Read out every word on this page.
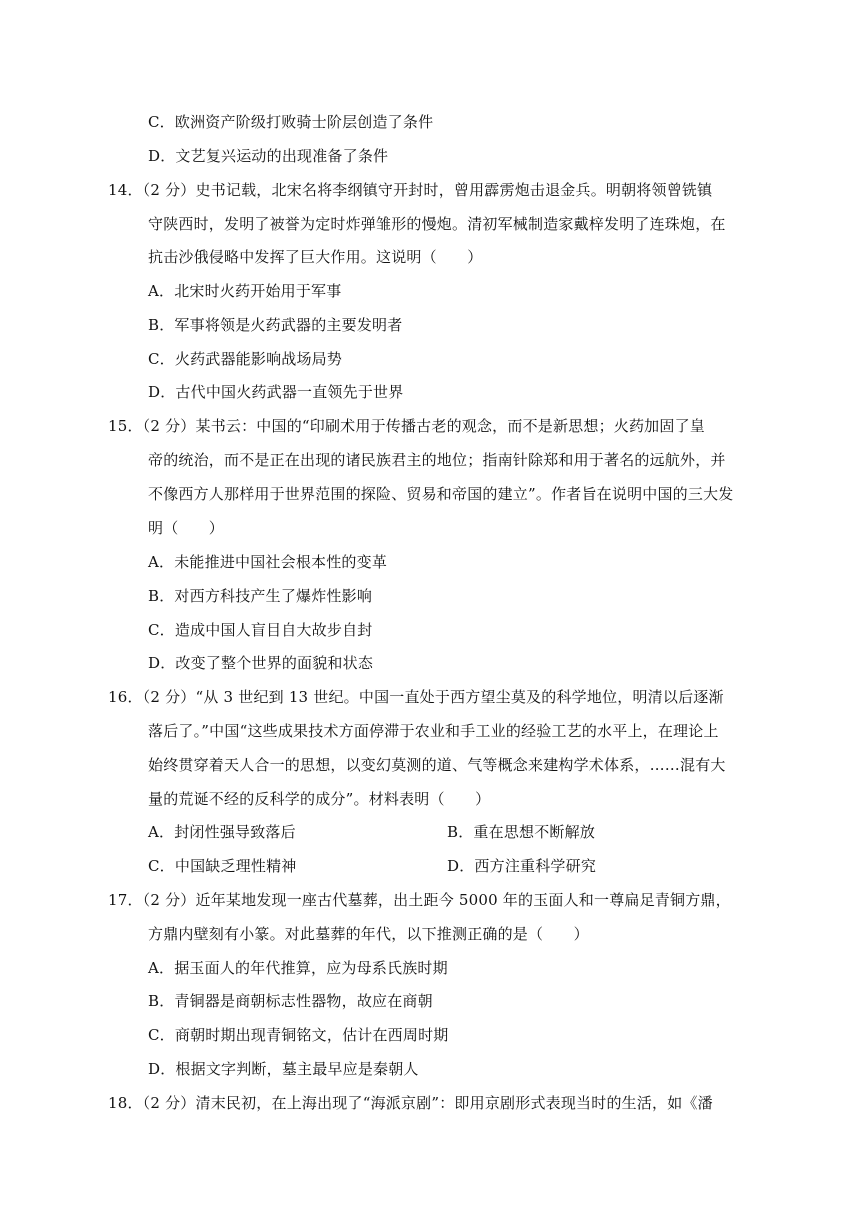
C．欧洲资产阶级打败骑士阶层创造了条件
D．文艺复兴运动的出现准备了条件
14．（2 分）史书记载，北宋名将李纲镇守开封时，曾用霹雳炮击退金兵。明朝将领曾铣镇
守陕西时，发明了被誉为定时炸弹雏形的慢炮。清初军械制造家戴梓发明了连珠炮，在
抗击沙俄侵略中发挥了巨大作用。这说明（　　）
A．北宋时火药开始用于军事
B．军事将领是火药武器的主要发明者
C．火药武器能影响战场局势
D．古代中国火药武器一直领先于世界
15．（2 分）某书云：中国的“印刷术用于传播古老的观念，而不是新思想；火药加固了皇
帝的统治，而不是正在出现的诸民族君主的地位；指南针除郑和用于著名的远航外，并
不像西方人那样用于世界范围的探险、贸易和帝国的建立”。作者旨在说明中国的三大发
明（　　）
A．未能推进中国社会根本性的变革
B．对西方科技产生了爆炸性影响
C．造成中国人盲目自大故步自封
D．改变了整个世界的面貌和状态
16．（2 分）“从 3 世纪到 13 世纪。中国一直处于西方望尘莫及的科学地位，明清以后逐渐
落后了。”中国“这些成果技术方面停滞于农业和手工业的经验工艺的水平上，在理论上
始终贯穿着天人合一的思想，以变幻莫测的道、气等概念来建构学术体系，……混有大
量的荒诞不经的反科学的成分”。材料表明（　　）
A．封闭性强导致落后	B．重在思想不断解放
C．中国缺乏理性精神	D．西方注重科学研究
17．（2 分）近年某地发现一座古代墓葬，出土距今 5000 年的玉面人和一尊扁足青铜方鼎，
方鼎内壁刻有小篆。对此墓葬的年代，以下推测正确的是（　　）
A．据玉面人的年代推算，应为母系氏族时期
B．青铜器是商朝标志性器物，故应在商朝
C．商朝时期出现青铜铭文，估计在西周时期
D．根据文字判断，墓主最早应是秦朝人
18．（2 分）清末民初，在上海出现了“海派京剧”：即用京剧形式表现当时的生活，如《潘
